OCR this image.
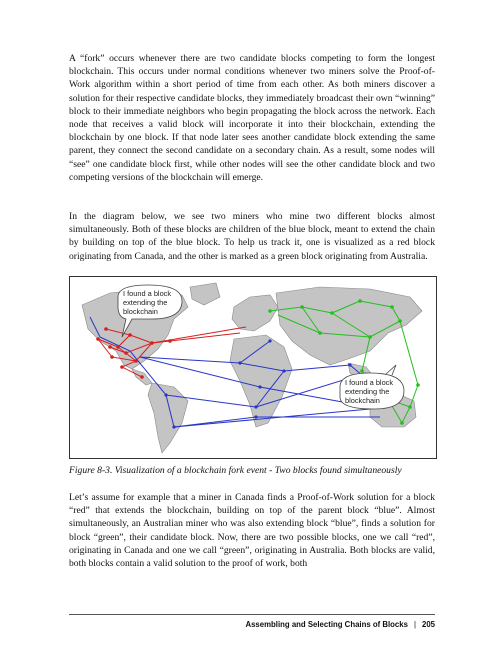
A “fork” occurs whenever there are two candidate blocks competing to form the longest blockchain. This occurs under normal conditions whenever two miners solve the Proof-of-Work algorithm within a short period of time from each other. As both miners discover a solution for their respective candidate blocks, they immediately broadcast their own “winning” block to their immediate neighbors who begin propagating the block across the network. Each node that receives a valid block will incorporate it into their blockchain, extending the blockchain by one block. If that node later sees another candidate block extending the same parent, they connect the second candidate on a secondary chain. As a result, some nodes will “see” one candidate block first, while other nodes will see the other candidate block and two competing versions of the blockchain will emerge.

In the diagram below, we see two miners who mine two different blocks almost simultaneously. Both of these blocks are children of the blue block, meant to extend the chain by building on top of the blue block. To help us track it, one is visualized as a red block originating from Canada, and the other is marked as a green block originating from Australia.

I found a block
extending the
blockchain
I found a block
extending the
blockchain

Figure 8-3. Visualization of a blockchain fork event - Two blocks found simultaneously

Let’s assume for example that a miner in Canada finds a Proof-of-Work solution for a block “red” that extends the blockchain, building on top of the parent block “blue”. Almost simultaneously, an Australian miner who was also extending block “blue”, finds a solution for block “green”, their candidate block. Now, there are two possible blocks, one we call “red”, originating in Canada and one we call “green”, originating in Australia. Both blocks are valid, both blocks contain a valid solution to the proof of work, both

Assembling and Selecting Chains of Blocks | 205
